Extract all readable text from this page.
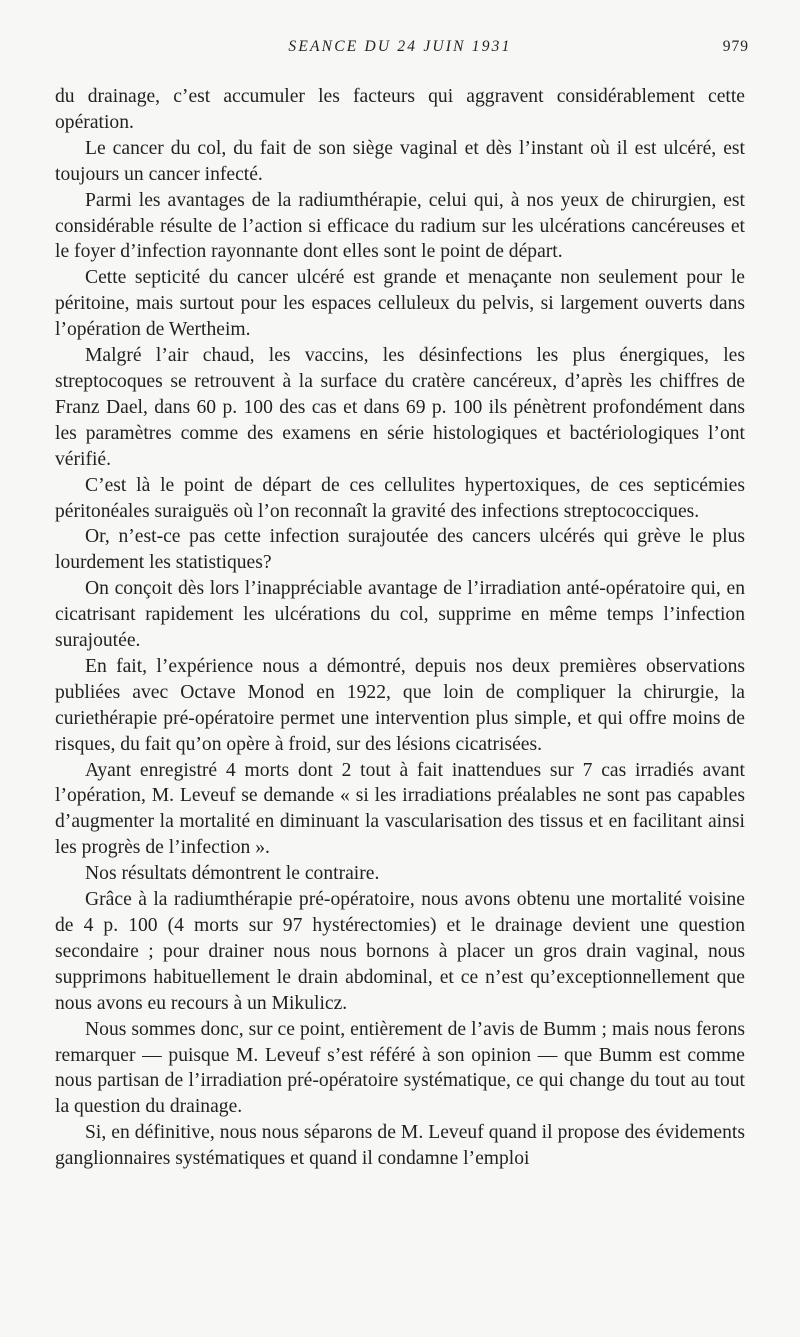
SEANCE DU 24 JUIN 1931	979

du drainage, c’est accumuler les facteurs qui aggravent considérablement cette opération.

Le cancer du col, du fait de son siège vaginal et dès l’instant où il est ulcéré, est toujours un cancer infecté.

Parmi les avantages de la radiumthérapie, celui qui, à nos yeux de chirurgien, est considérable résulte de l’action si efficace du radium sur les ulcérations cancéreuses et le foyer d’infection rayonnante dont elles sont le point de départ.

Cette septicité du cancer ulcéré est grande et menaçante non seulement pour le péritoine, mais surtout pour les espaces celluleux du pelvis, si largement ouverts dans l’opération de Wertheim.

Malgré l’air chaud, les vaccins, les désinfections les plus énergiques, les streptocoques se retrouvent à la surface du cratère cancéreux, d’après les chiffres de Franz Dael, dans 60 p. 100 des cas et dans 69 p. 100 ils pénètrent profondément dans les paramètres comme des examens en série histologiques et bactériologiques l’ont vérifié.

C’est là le point de départ de ces cellulites hypertoxiques, de ces septicémies péritonéales suraiguës où l’on reconnaît la gravité des infections streptococciques.

Or, n’est-ce pas cette infection surajoutée des cancers ulcérés qui grève le plus lourdement les statistiques?

On conçoit dès lors l’inappréciable avantage de l’irradiation anté-opératoire qui, en cicatrisant rapidement les ulcérations du col, supprime en même temps l’infection surajoutée.

En fait, l’expérience nous a démontré, depuis nos deux premières observations publiées avec Octave Monod en 1922, que loin de compliquer la chirurgie, la curiethérapie pré-opératoire permet une intervention plus simple, et qui offre moins de risques, du fait qu’on opère à froid, sur des lésions cicatrisées.

Ayant enregistré 4 morts dont 2 tout à fait inattendues sur 7 cas irradiés avant l’opération, M. Leveuf se demande « si les irradiations préalables ne sont pas capables d’augmenter la mortalité en diminuant la vascularisation des tissus et en facilitant ainsi les progrès de l’infection ».

Nos résultats démontrent le contraire.

Grâce à la radiumthérapie pré-opératoire, nous avons obtenu une mortalité voisine de 4 p. 100 (4 morts sur 97 hystérectomies) et le drainage devient une question secondaire ; pour drainer nous nous bornons à placer un gros drain vaginal, nous supprimons habituellement le drain abdominal, et ce n’est qu’exceptionnellement que nous avons eu recours à un Mikulicz.

Nous sommes donc, sur ce point, entièrement de l’avis de Bumm ; mais nous ferons remarquer — puisque M. Leveuf s’est référé à son opinion — que Bumm est comme nous partisan de l’irradiation pré-opératoire systématique, ce qui change du tout au tout la question du drainage.

Si, en définitive, nous nous séparons de M. Leveuf quand il propose des évidements ganglionnaires systématiques et quand il condamne l’emploi
